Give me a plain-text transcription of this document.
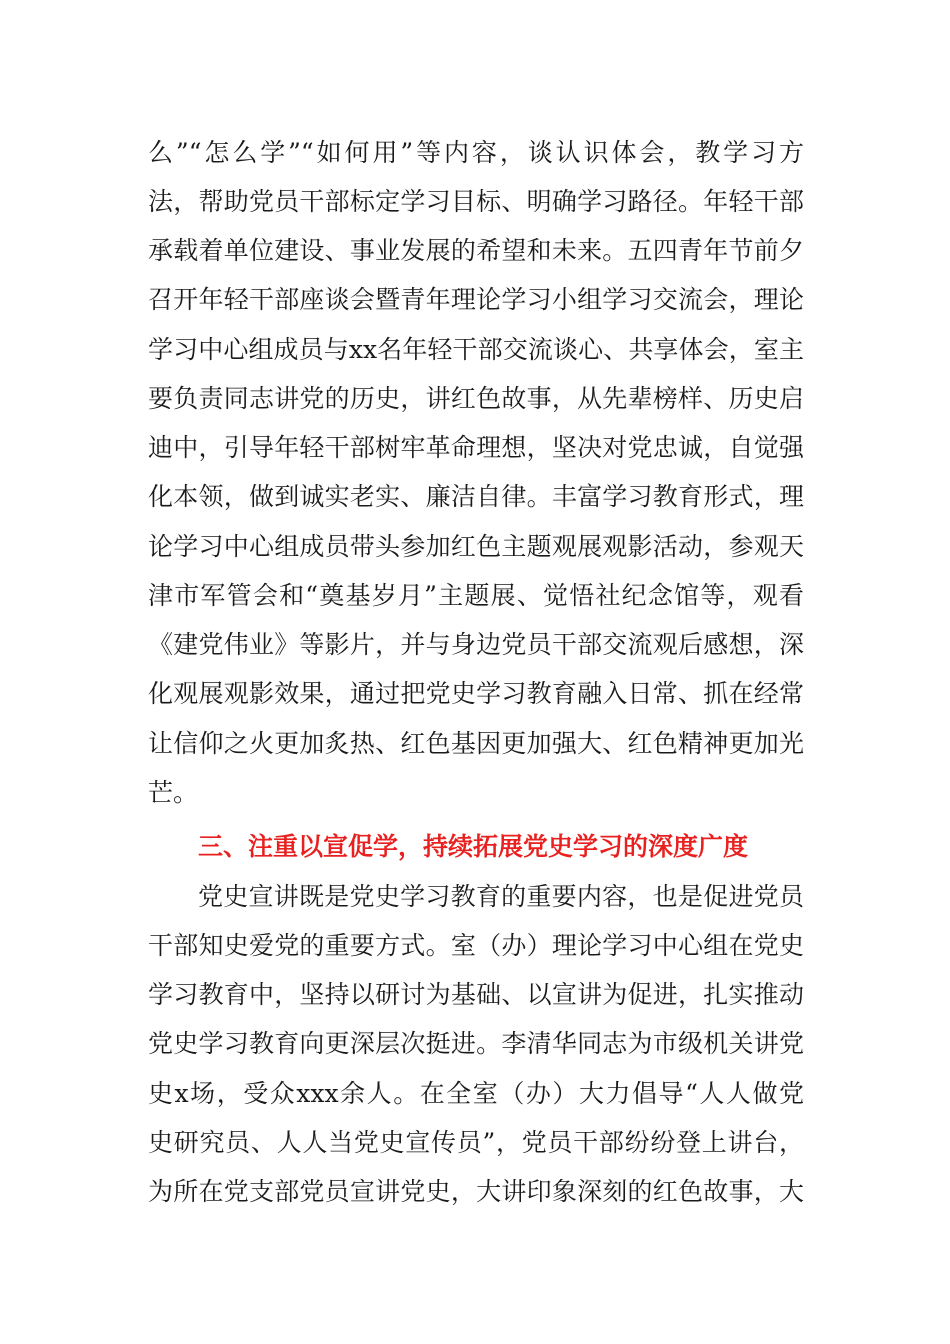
么”“怎么学”“如何用”等内容，谈认识体会，教学习方
法，帮助党员干部标定学习目标、明确学习路径。年轻干部
承载着单位建设、事业发展的希望和未来。五四青年节前夕
召开年轻干部座谈会暨青年理论学习小组学习交流会，理论
学习中心组成员与xx名年轻干部交流谈心、共享体会，室主
要负责同志讲党的历史，讲红色故事，从先辈榜样、历史启
迪中，引导年轻干部树牢革命理想，坚决对党忠诚，自觉强
化本领，做到诚实老实、廉洁自律。丰富学习教育形式，理
论学习中心组成员带头参加红色主题观展观影活动，参观天
津市军管会和“奠基岁月”主题展、觉悟社纪念馆等，观看
《建党伟业》等影片，并与身边党员干部交流观后感想，深
化观展观影效果，通过把党史学习教育融入日常、抓在经常
让信仰之火更加炙热、红色基因更加强大、红色精神更加光
芒。
三、注重以宣促学，持续拓展党史学习的深度广度
党史宣讲既是党史学习教育的重要内容，也是促进党员
干部知史爱党的重要方式。室（办）理论学习中心组在党史
学习教育中，坚持以研讨为基础、以宣讲为促进，扎实推动
党史学习教育向更深层次挺进。李清华同志为市级机关讲党
史x场，受众xxx余人。在全室（办）大力倡导“人人做党
史研究员、人人当党史宣传员”，党员干部纷纷登上讲台，
为所在党支部党员宣讲党史，大讲印象深刻的红色故事，大
